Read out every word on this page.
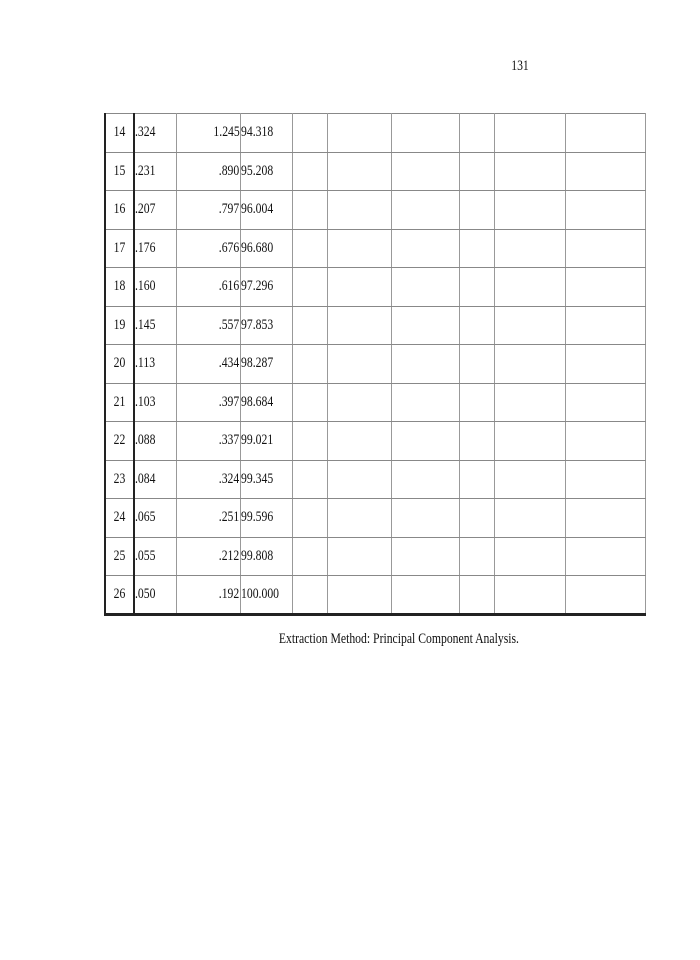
131
14	.324	1.245	94.318						
15	.231	.890	95.208						
16	.207	.797	96.004						
17	.176	.676	96.680						
18	.160	.616	97.296						
19	.145	.557	97.853						
20	.113	.434	98.287						
21	.103	.397	98.684						
22	.088	.337	99.021						
23	.084	.324	99.345						
24	.065	.251	99.596						
25	.055	.212	99.808						
26	.050	.192	100.000						
Extraction Method: Principal Component Analysis.
